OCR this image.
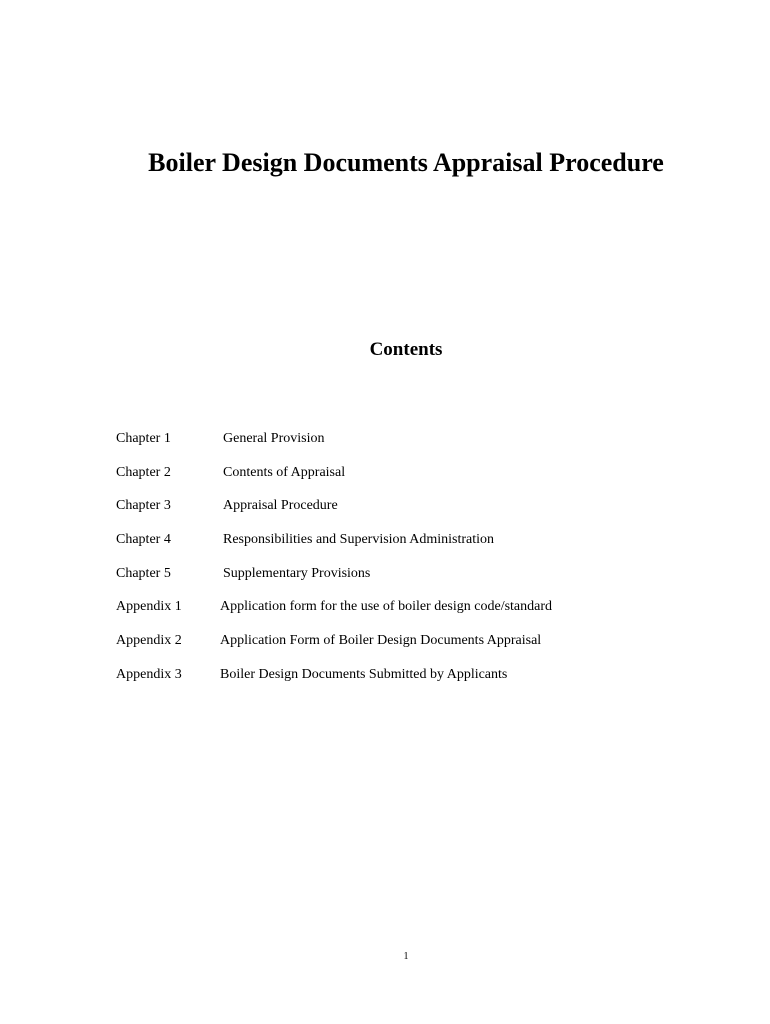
Boiler Design Documents Appraisal Procedure
Contents
Chapter 1	General Provision
Chapter 2	Contents of Appraisal
Chapter 3	Appraisal Procedure
Chapter 4	Responsibilities and Supervision Administration
Chapter 5	Supplementary Provisions
Appendix 1	Application form for the use of boiler design code/standard
Appendix 2	Application Form of Boiler Design Documents Appraisal
Appendix 3	Boiler Design Documents Submitted by Applicants
1
